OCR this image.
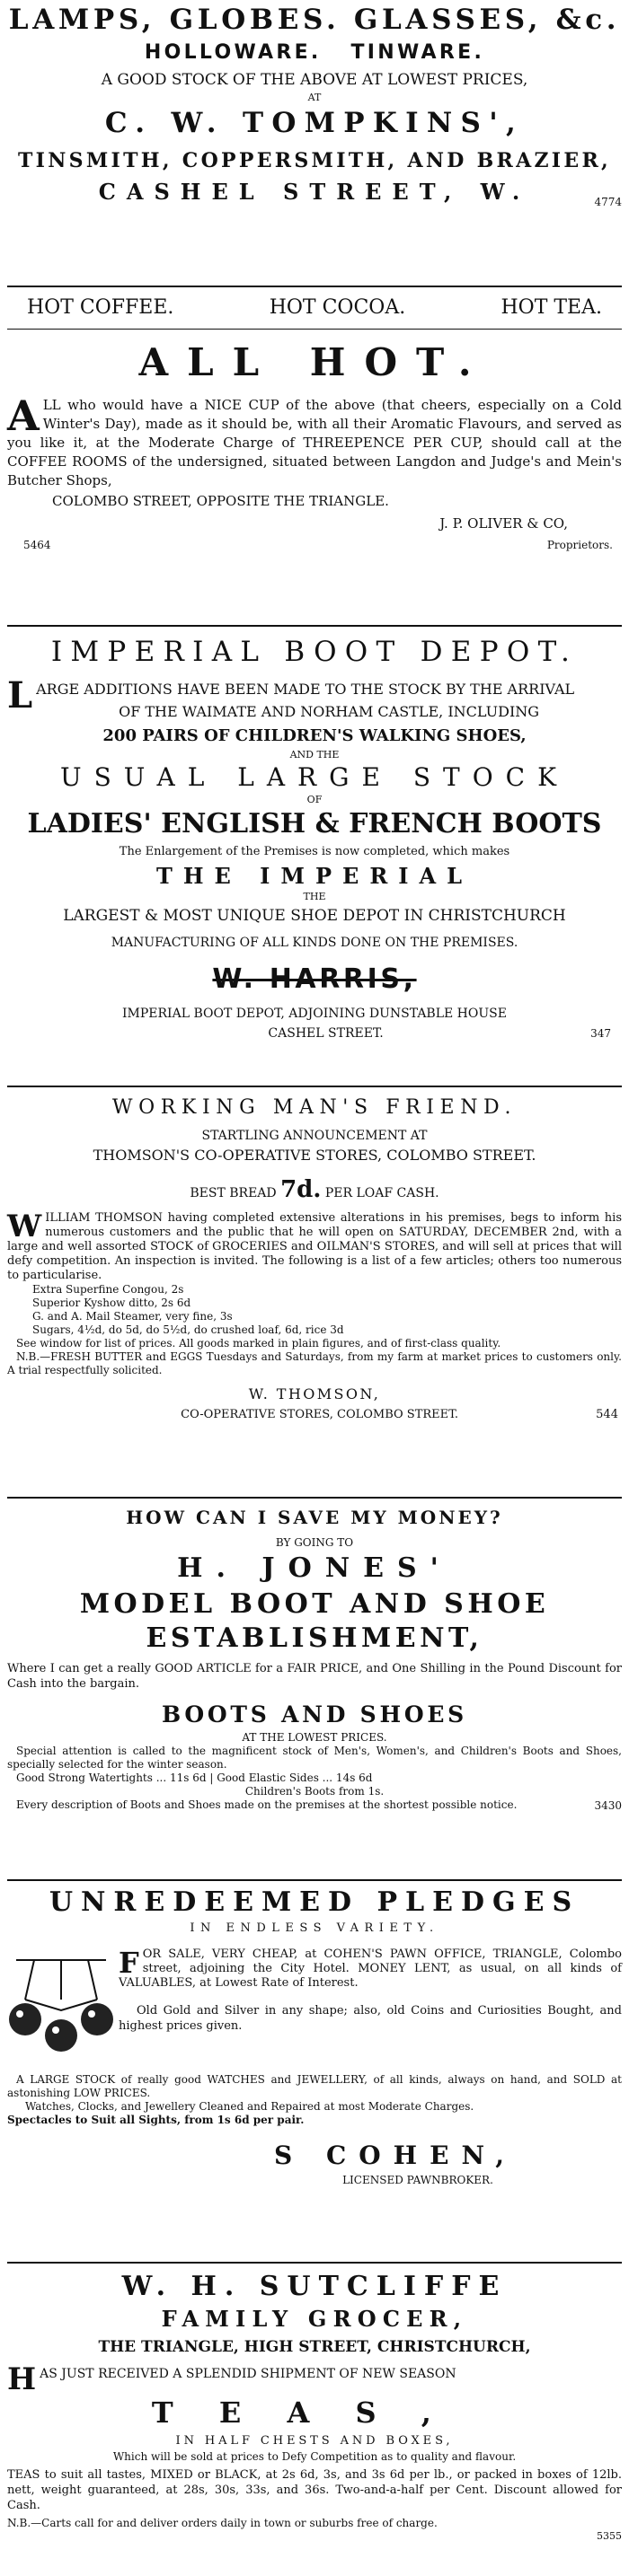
LAMPS, GLOBES. GLASSES, &c.
HOLLOWARE.   TINWARE.
A GOOD STOCK OF THE ABOVE AT LOWEST PRICES,
AT
C. W. TOMPKINS',
TINSMITH, COPPERSMITH, AND BRAZIER,
CASHEL STREET, W.	4774
HOT COFFEE.	HOT COCOA.	HOT TEA.
ALL HOT.

ALL who would have a NICE CUP of the above (that cheers, especially on a Cold Winter's Day), made as it should be, with all their Aromatic Flavours, and served as you like it, at the Moderate Charge of THREEPENCE PER CUP, should call at the COFFEE ROOMS of the undersigned, situated between Langdon and Judge's and Mein's Butcher Shops,

COLOMBO STREET, OPPOSITE THE TRIANGLE.
J. P. OLIVER & CO,
5464	Proprietors.
IMPERIAL BOOT DEPOT.

LARGE ADDITIONS HAVE BEEN MADE TO THE STOCK BY THE ARRIVAL

OF THE WAIMATE AND NORHAM CASTLE, INCLUDING
200 PAIRS OF CHILDREN'S WALKING SHOES,
AND THE
USUAL LARGE STOCK
OF
LADIES' ENGLISH & FRENCH BOOTS
The Enlargement of the Premises is now completed, which makes
THE IMPERIAL
THE
LARGEST & MOST UNIQUE SHOE DEPOT IN CHRISTCHURCH
MANUFACTURING OF ALL KINDS DONE ON THE PREMISES.
W. HARRIS,
IMPERIAL BOOT DEPOT, ADJOINING DUNSTABLE HOUSE
CASHEL STREET.	347
WORKING MAN'S FRIEND.
STARTLING ANNOUNCEMENT AT
THOMSON'S CO-OPERATIVE STORES, COLOMBO STREET.
BEST BREAD 7d. PER LOAF CASH.

WILLIAM THOMSON having completed extensive alterations in his premises, begs to inform his numerous customers and the public that he will open on SATURDAY, DECEMBER 2nd, with a large and well assorted STOCK of GROCERIES and OILMAN'S STORES, and will sell at prices that will defy competition. An inspection is invited. The following is a list of a few articles; others too numerous to particularise.

Extra Superfine Congou, 2s
Superior Kyshow ditto, 2s 6d
G. and A. Mail Steamer, very fine, 3s
Sugars, 4½d, do 5d, do 5½d, do crushed loaf, 6d, rice 3d

See window for list of prices. All goods marked in plain figures, and of first-class quality.

N.B.—FRESH BUTTER and EGGS Tuesdays and Saturdays, from my farm at market prices to customers only. A trial respectfully solicited.

W. THOMSON,
CO-OPERATIVE STORES, COLOMBO STREET.	544
HOW CAN I SAVE MY MONEY?
BY GOING TO
H. JONES'
MODEL BOOT AND SHOE
ESTABLISHMENT,

Where I can get a really GOOD ARTICLE for a FAIR PRICE, and One Shilling in the Pound Discount for Cash into the bargain.

BOOTS AND SHOES
AT THE LOWEST PRICES.

Special attention is called to the magnificent stock of Men's, Women's, and Children's Boots and Shoes, specially selected for the winter season.

Good Strong Watertights ... 11s 6d | Good Elastic Sides ... 14s 6d
Children's Boots from 1s.

Every description of Boots and Shoes made on the premises at the shortest possible notice.	3430
UNREDEEMED PLEDGES
IN ENDLESS VARIETY.

FOR SALE, VERY CHEAP, at COHEN'S PAWN OFFICE, TRIANGLE, Colombo street, adjoining the City Hotel. MONEY LENT, as usual, on all kinds of VALUABLES, at Lowest Rate of Interest.

Old Gold and Silver in any shape; also, old Coins and Curiosities Bought, and highest prices given.

A LARGE STOCK of really good WATCHES and JEWELLERY, of all kinds, always on hand, and SOLD at astonishing LOW PRICES.

Watches, Clocks, and Jewellery Cleaned and Repaired at most Moderate Charges.

Spectacles to Suit all Sights, from 1s 6d per pair.

S COHEN,
LICENSED PAWNBROKER.
W. H. SUTCLIFFE
FAMILY GROCER,
THE TRIANGLE, HIGH STREET, CHRISTCHURCH,

HAS JUST RECEIVED A SPLENDID SHIPMENT OF NEW SEASON

TEAS,
IN HALF CHESTS AND BOXES,
Which will be sold at prices to Defy Competition as to quality and flavour.

TEAS to suit all tastes, MIXED or BLACK, at 2s 6d, 3s, and 3s 6d per lb., or packed in boxes of 12lb. nett, weight guaranteed, at 28s, 30s, 33s, and 36s. Two-and-a-half per Cent. Discount allowed for Cash.

N.B.—Carts call for and deliver orders daily in town or suburbs free of charge.

5355
